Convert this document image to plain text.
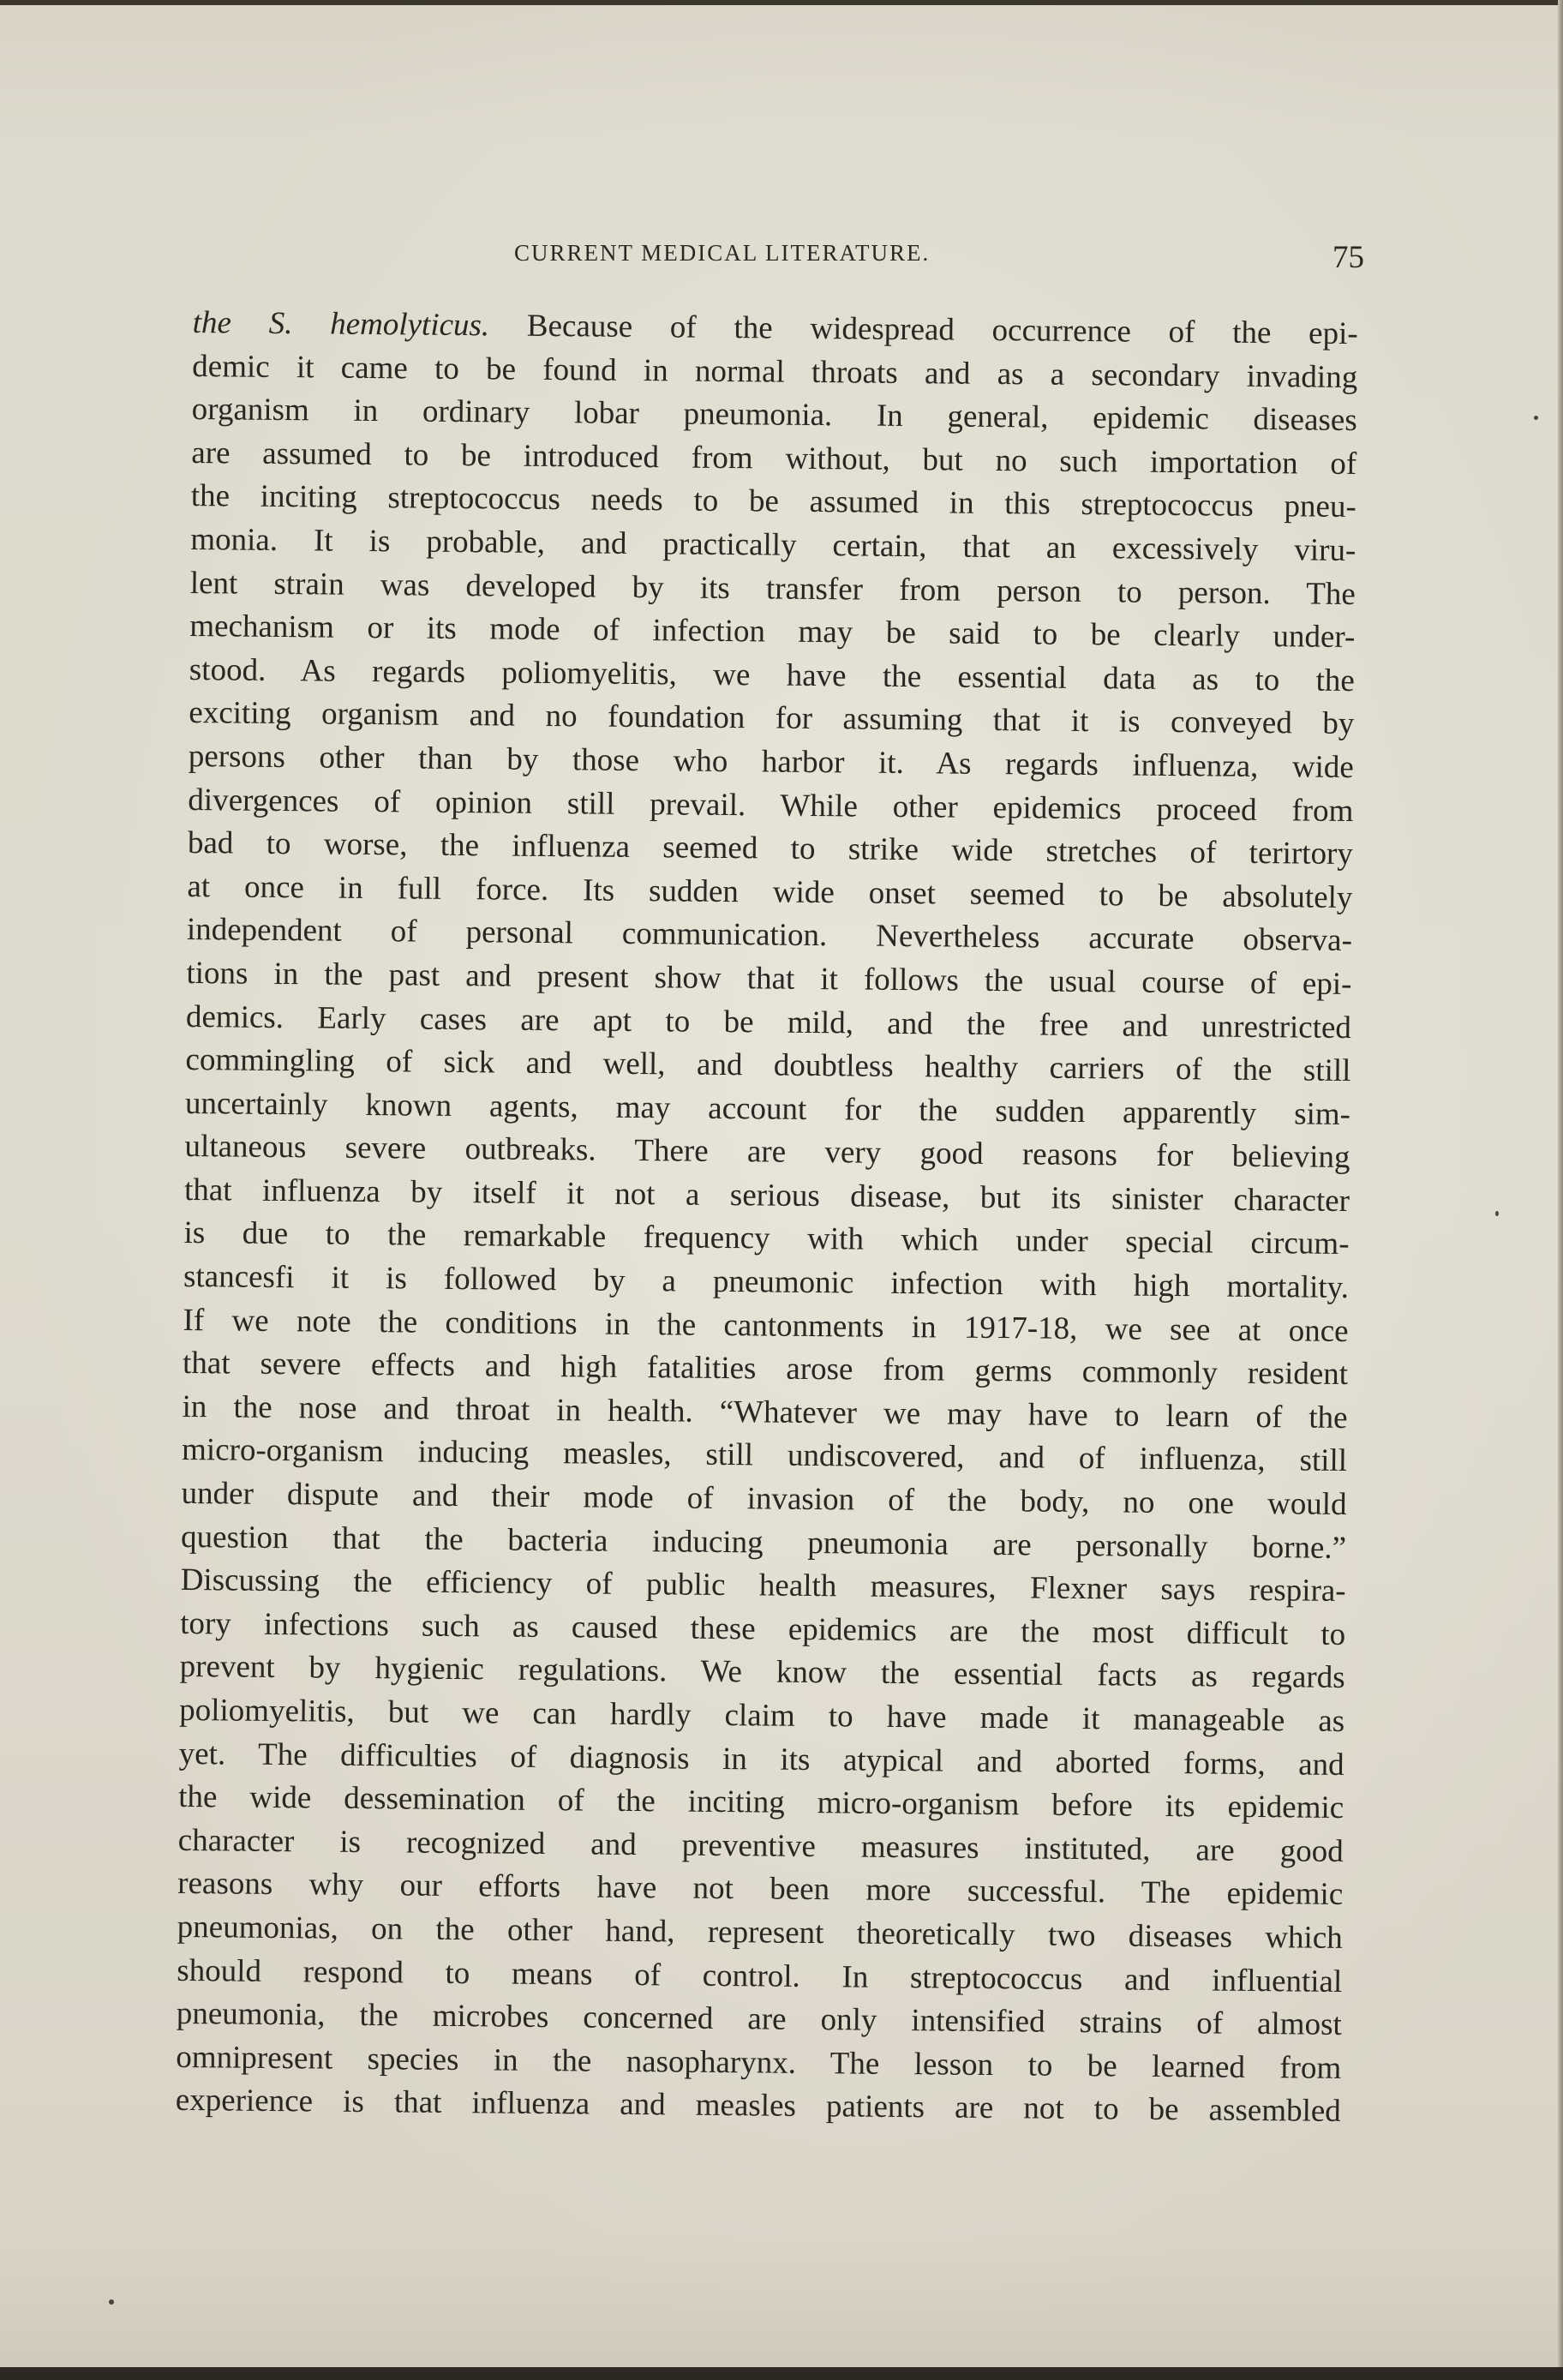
CURRENT MEDICAL LITERATURE.	75
the S. hemolyticus. Because of the widespread occurrence of the epi-
demic it came to be found in normal throats and as a secondary invading
organism in ordinary lobar pneumonia. In general, epidemic diseases
are assumed to be introduced from without, but no such importation of
the inciting streptococcus needs to be assumed in this streptococcus pneu-
monia. It is probable, and practically certain, that an excessively viru-
lent strain was developed by its transfer from person to person. The
mechanism or its mode of infection may be said to be clearly under-
stood. As regards poliomyelitis, we have the essential data as to the
exciting organism and no foundation for assuming that it is conveyed by
persons other than by those who harbor it. As regards influenza, wide
divergences of opinion still prevail. While other epidemics proceed from
bad to worse, the influenza seemed to strike wide stretches of terirtory
at once in full force. Its sudden wide onset seemed to be absolutely
independent of personal communication. Nevertheless accurate observa-
tions in the past and present show that it follows the usual course of epi-
demics. Early cases are apt to be mild, and the free and unrestricted
commingling of sick and well, and doubtless healthy carriers of the still
uncertainly known agents, may account for the sudden apparently sim-
ultaneous severe outbreaks. There are very good reasons for believing
that influenza by itself it not a serious disease, but its sinister character
is due to the remarkable frequency with which under special circum-
stancesfi it is followed by a pneumonic infection with high mortality.
If we note the conditions in the cantonments in 1917-18, we see at once
that severe effects and high fatalities arose from germs commonly resident
in the nose and throat in health. “Whatever we may have to learn of the
micro-organism inducing measles, still undiscovered, and of influenza, still
under dispute and their mode of invasion of the body, no one would
question that the bacteria inducing pneumonia are personally borne.”
Discussing the efficiency of public health measures, Flexner says respira-
tory infections such as caused these epidemics are the most difficult to
prevent by hygienic regulations. We know the essential facts as regards
poliomyelitis, but we can hardly claim to have made it manageable as
yet. The difficulties of diagnosis in its atypical and aborted forms, and
the wide dessemination of the inciting micro-organism before its epidemic
character is recognized and preventive measures instituted, are good
reasons why our efforts have not been more successful. The epidemic
pneumonias, on the other hand, represent theoretically two diseases which
should respond to means of control. In streptococcus and influential
pneumonia, the microbes concerned are only intensified strains of almost
omnipresent species in the nasopharynx. The lesson to be learned from
experience is that influenza and measles patients are not to be assembled
